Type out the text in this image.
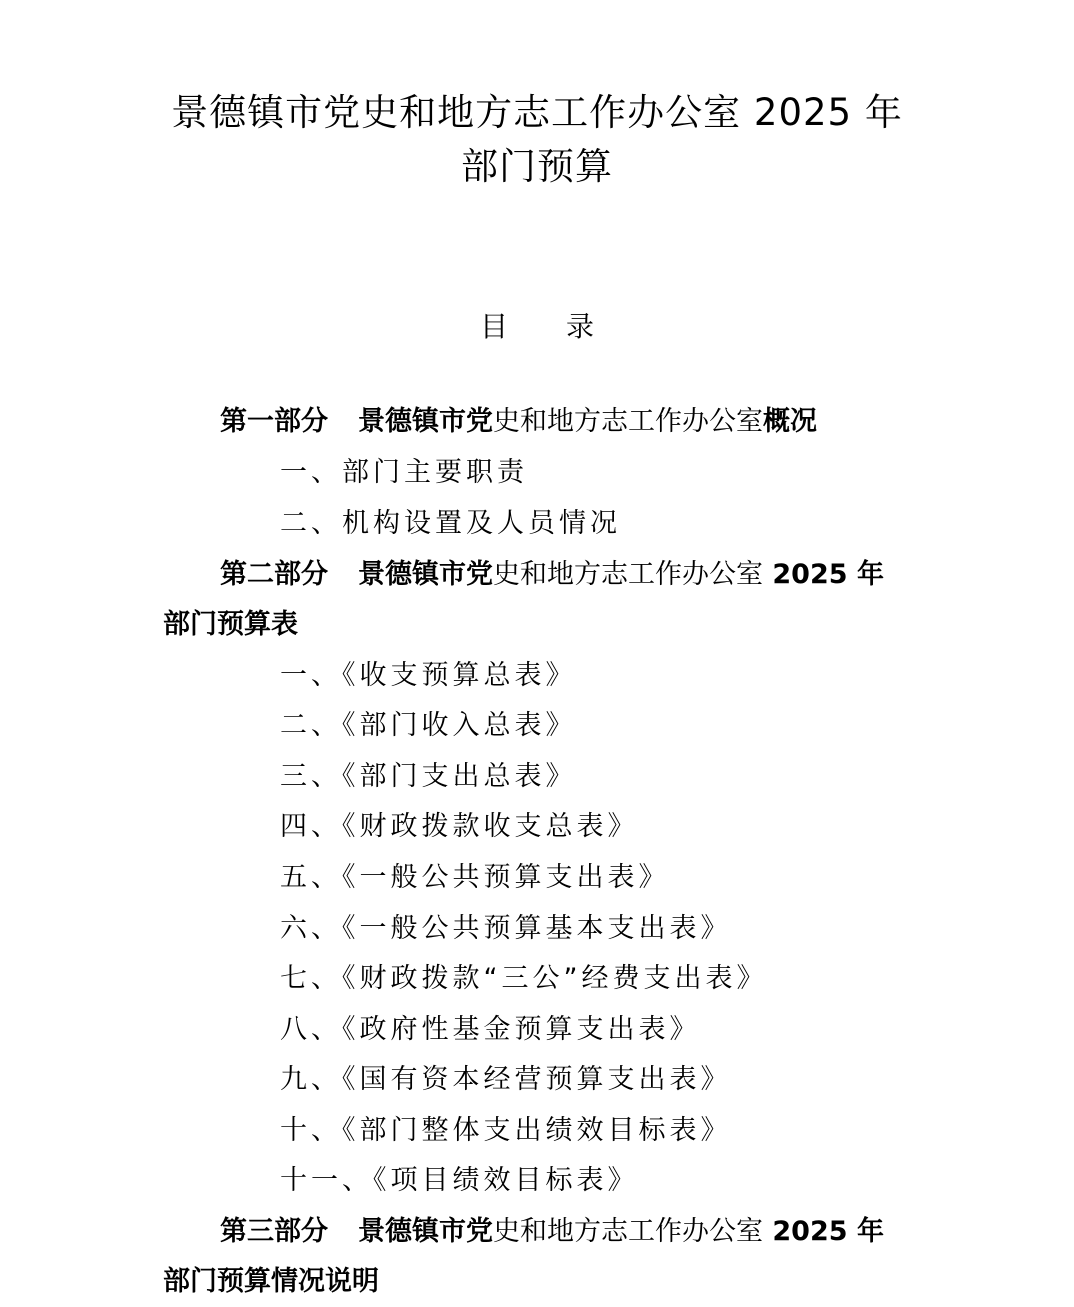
景德镇市党史和地方志工作办公室 2025 年
部门预算
目 录
第一部分 景德镇市党史和地方志工作办公室概况
一、部门主要职责
二、机构设置及人员情况
第二部分 景德镇市党史和地方志工作办公室 2025 年
部门预算表
一、《收支预算总表》
二、《部门收入总表》
三、《部门支出总表》
四、《财政拨款收支总表》
五、《一般公共预算支出表》
六、《一般公共预算基本支出表》
七、《财政拨款“三公”经费支出表》
八、《政府性基金预算支出表》
九、《国有资本经营预算支出表》
十、《部门整体支出绩效目标表》
十一、《项目绩效目标表》
第三部分 景德镇市党史和地方志工作办公室 2025 年
部门预算情况说明
